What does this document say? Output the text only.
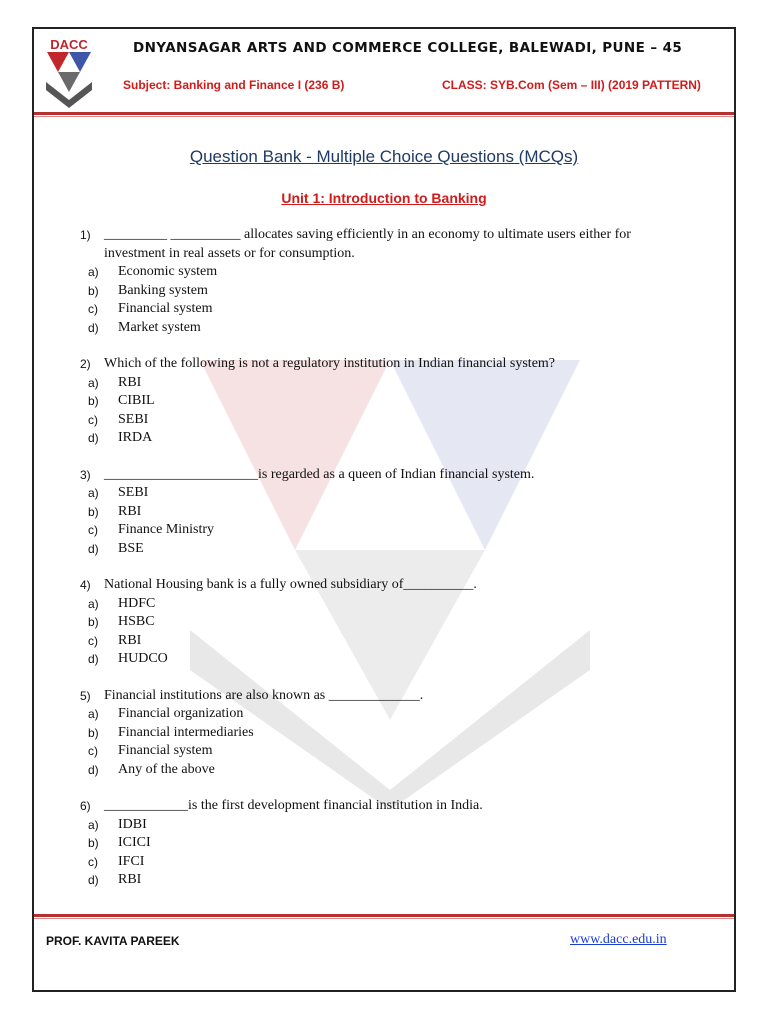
DACC	DNYANSAGAR ARTS AND COMMERCE COLLEGE, BALEWADI, PUNE – 45
Subject: Banking and Finance I (236 B)	CLASS: SYB.Com (Sem – III) (2019 PATTERN)
Question Bank - Multiple Choice Questions (MCQs)
Unit 1: Introduction to Banking
1) _________ __________ allocates saving efficiently in an economy to ultimate users either for investment in real assets or for consumption.
a)	Economic system
b)	Banking system
c)	Financial system
d)	Market system
2) Which of the following is not a regulatory institution in Indian financial system?
a)	RBI
b)	CIBIL
c)	SEBI
d)	IRDA
3) ______________________is regarded as a queen of Indian financial system.
a)	SEBI
b)	RBI
c)	Finance Ministry
d)	BSE
4) National Housing bank is a fully owned subsidiary of__________.
a)	HDFC
b)	HSBC
c)	RBI
d)	HUDCO
5) Financial institutions are also known as _____________.
a)	Financial organization
b)	Financial intermediaries
c)	Financial system
d)	Any of the above
6) ____________is the first development financial institution in India.
a)	IDBI
b)	ICICI
c)	IFCI
d)	RBI
PROF. KAVITA PAREEK	www.dacc.edu.in
